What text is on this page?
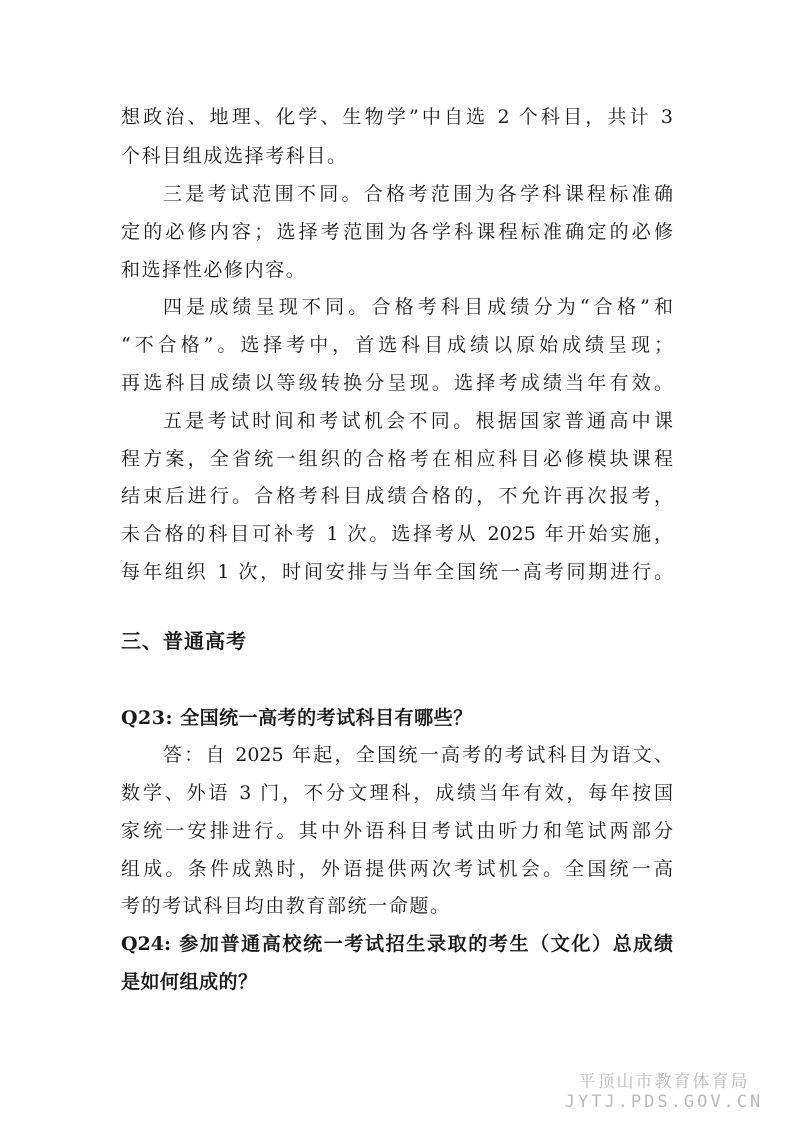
想政治、地理、化学、生物学”中自选 2 个科目，共计 3
个科目组成选择考科目。
三是考试范围不同。合格考范围为各学科课程标准确
定的必修内容；选择考范围为各学科课程标准确定的必修
和选择性必修内容。
四是成绩呈现不同。合格考科目成绩分为“合格”和
“不合格”。选择考中，首选科目成绩以原始成绩呈现；
再选科目成绩以等级转换分呈现。选择考成绩当年有效。
五是考试时间和考试机会不同。根据国家普通高中课
程方案，全省统一组织的合格考在相应科目必修模块课程
结束后进行。合格考科目成绩合格的，不允许再次报考，
未合格的科目可补考 1 次。选择考从 2025 年开始实施，
每年组织 1 次，时间安排与当年全国统一高考同期进行。
三、普通高考
Q23: 全国统一高考的考试科目有哪些？
答：自 2025 年起，全国统一高考的考试科目为语文、
数学、外语 3 门，不分文理科，成绩当年有效，每年按国
家统一安排进行。其中外语科目考试由听力和笔试两部分
组成。条件成熟时，外语提供两次考试机会。全国统一高
考的考试科目均由教育部统一命题。
Q24: 参加普通高校统一考试招生录取的考生（文化）总成绩
是如何组成的？
平顶山市教育体育局
JYTJ.PDS.GOV.CN
